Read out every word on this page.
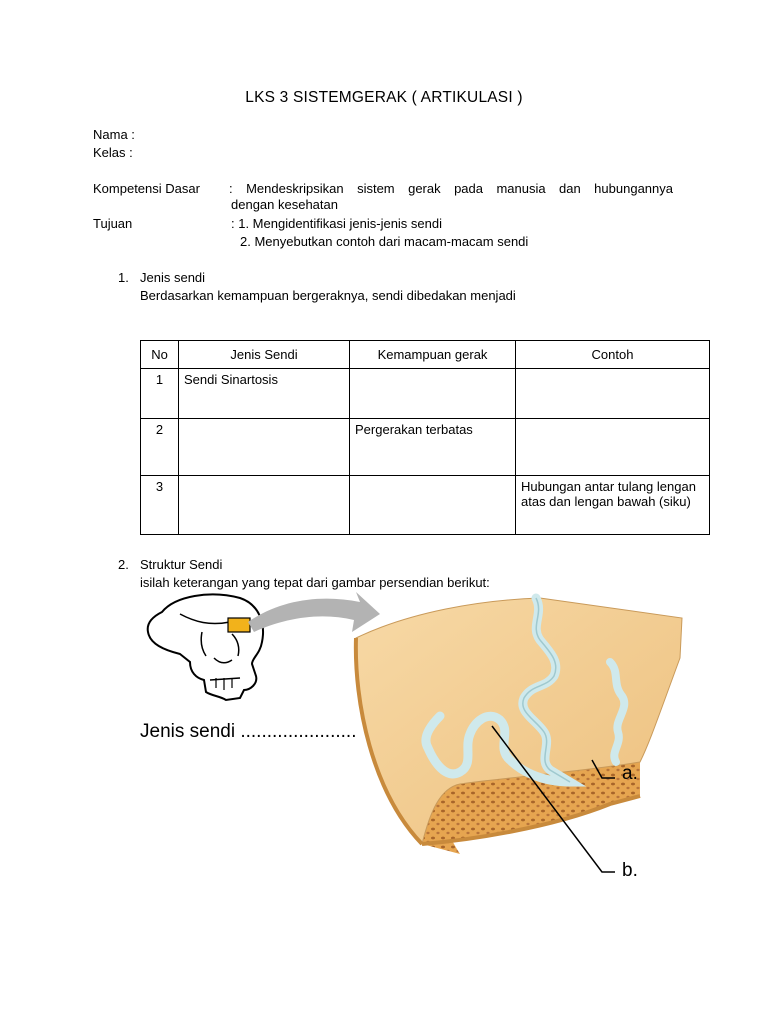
LKS 3 SISTEMGERAK ( ARTIKULASI )
Nama :
Kelas :
Kompetensi Dasar : Mendeskripsikan sistem gerak pada manusia dan hubungannya
dengan kesehatan
Tujuan	: 1. Mengidentifikasi jenis-jenis sendi
2. Menyebutkan contoh dari macam-macam sendi
1. Jenis sendi
Berdasarkan kemampuan bergeraknya, sendi dibedakan menjadi
No	Jenis Sendi	Kemampuan gerak	Contoh
1	Sendi Sinartosis		
2		Pergerakan terbatas	
3			Hubungan antar tulang lengan atas dan lengan bawah (siku)
2. Struktur Sendi
isilah keterangan yang tepat dari gambar persendian berikut:
Jenis sendi ......................
a.
b.
